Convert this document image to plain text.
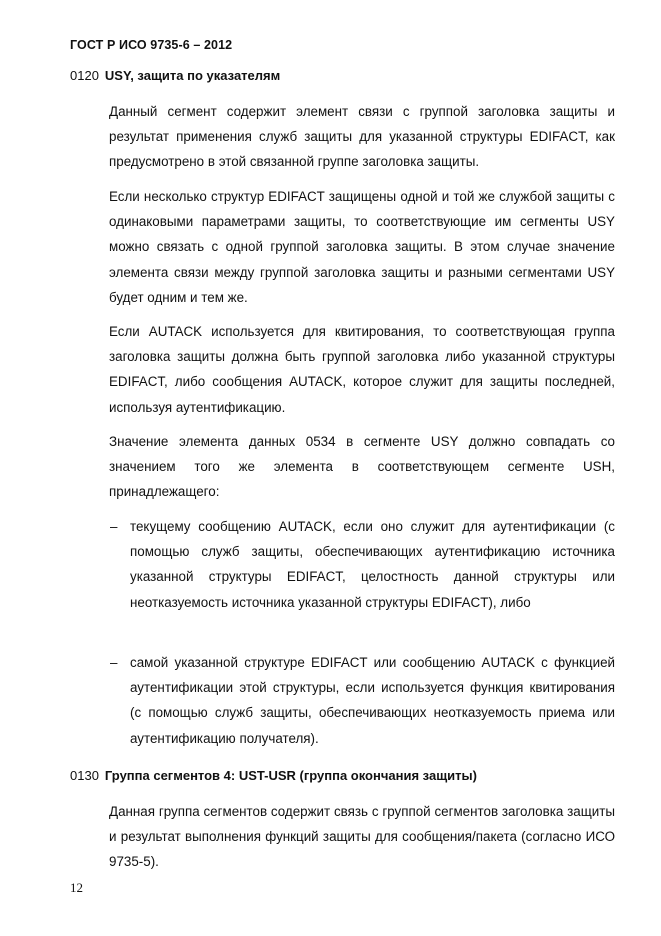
ГОСТ Р ИСО 9735-6 – 2012
0120 USY, защита по указателям

Данный сегмент содержит элемент связи с группой заголовка защиты и результат применения служб защиты для указанной структуры EDIFACT, как предусмотрено в этой связанной группе заголовка защиты.

Если несколько структур EDIFACT защищены одной и той же службой защиты с одинаковыми параметрами защиты, то соответствующие им сегменты USY можно связать с одной группой заголовка защиты. В этом случае значение элемента связи между группой заголовка защиты и разными сегментами USY будет одним и тем же.

Если AUTACK используется для квитирования, то соответствующая группа заголовка защиты должна быть группой заголовка либо указанной структуры EDIFACT, либо сообщения AUTACK, которое служит для защиты последней, используя аутентификацию.

Значение элемента данных 0534 в сегменте USY должно совпадать со значением того же элемента в соответствующем сегменте USH, принадлежащего:

– текущему сообщению AUTACK, если оно служит для аутентификации (с помощью служб защиты, обеспечивающих аутентификацию источника указанной структуры EDIFACT, целостность данной структуры или неотказуемость источника указанной структуры EDIFACT), либо

– самой указанной структуре EDIFACT или сообщению AUTACK с функцией аутентификации этой структуры, если используется функция квитирования (с помощью служб защиты, обеспечивающих неотказуемость приема или аутентификацию получателя).

0130 Группа сегментов 4: UST-USR (группа окончания защиты)

Данная группа сегментов содержит связь с группой сегментов заголовка защиты и результат выполнения функций защиты для сообщения/пакета (согласно ИСО 9735-5).

12
